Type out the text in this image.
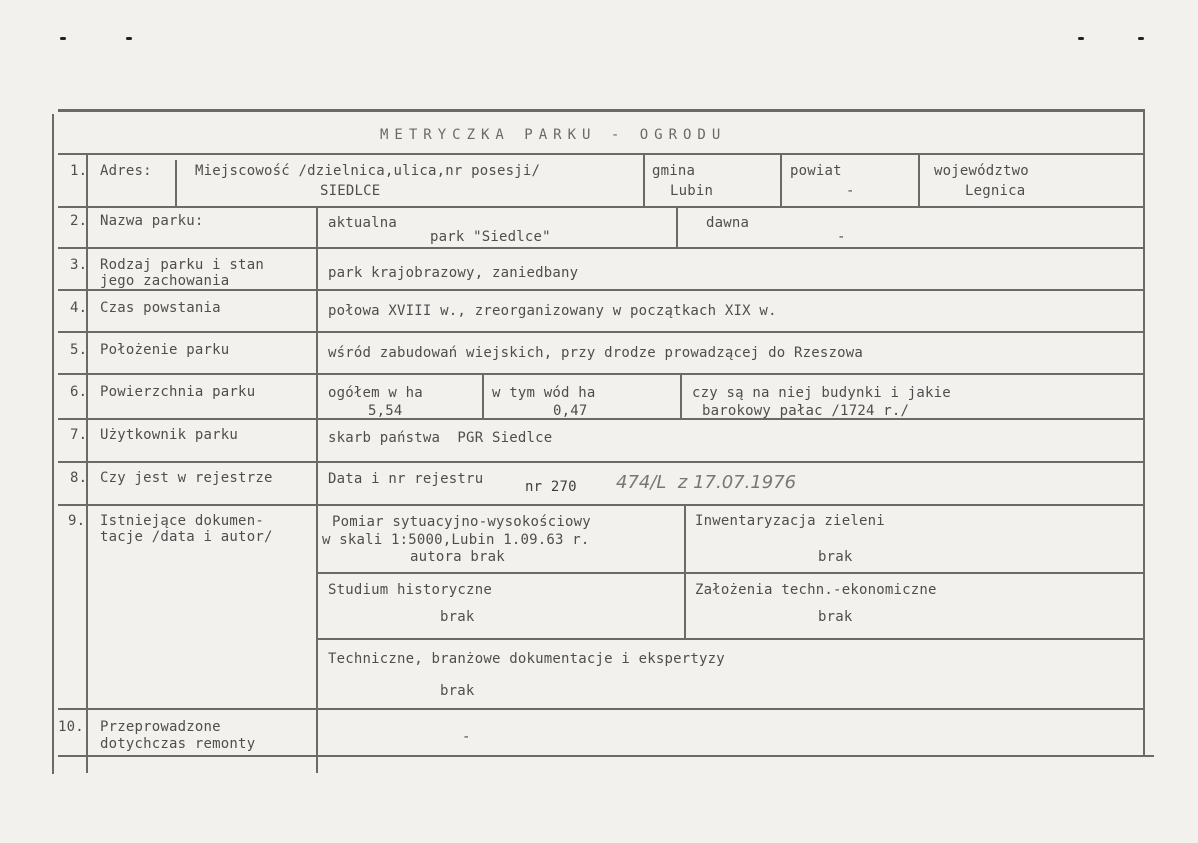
METRYCZKA PARKU - OGRODU
1. Adres:
2. Nazwa parku:
3. Rodzaj parku i stan
jego zachowania
4. Czas powstania
5. Położenie parku
6. Powierzchnia parku
7. Użytkownik parku
8. Czy jest w rejestrze
9. Istniejące dokumen-
tacje /data i autor/
10. Przeprowadzone
dotychczas remonty
Miejscowość /dzielnica,ulica,nr posesji/
SIEDLCE
gmina
Lubin
powiat
-
województwo
Legnica
aktualna
park "Siedlce"
dawna
-
park krajobrazowy, zaniedbany
połowa XVIII w., zreorganizowany w początkach XIX w.
wśród zabudowań wiejskich, przy drodze prowadzącej do Rzeszowa
ogółem w ha
5,54
w tym wód ha
0,47
czy są na niej budynki i jakie
barokowy pałac /1724 r./
skarb państwa  PGR Siedlce
Data i nr rejestru	nr 270 474/L  z 17.07.1976
Pomiar sytuacyjno-wysokościowy
w skali 1:5000,Lubin 1.09.63 r.
autora brak
Inwentaryzacja zieleni
brak
Studium historyczne
brak
Założenia techn.-ekonomiczne
brak
Techniczne, branżowe dokumentacje i ekspertyzy
brak
-
